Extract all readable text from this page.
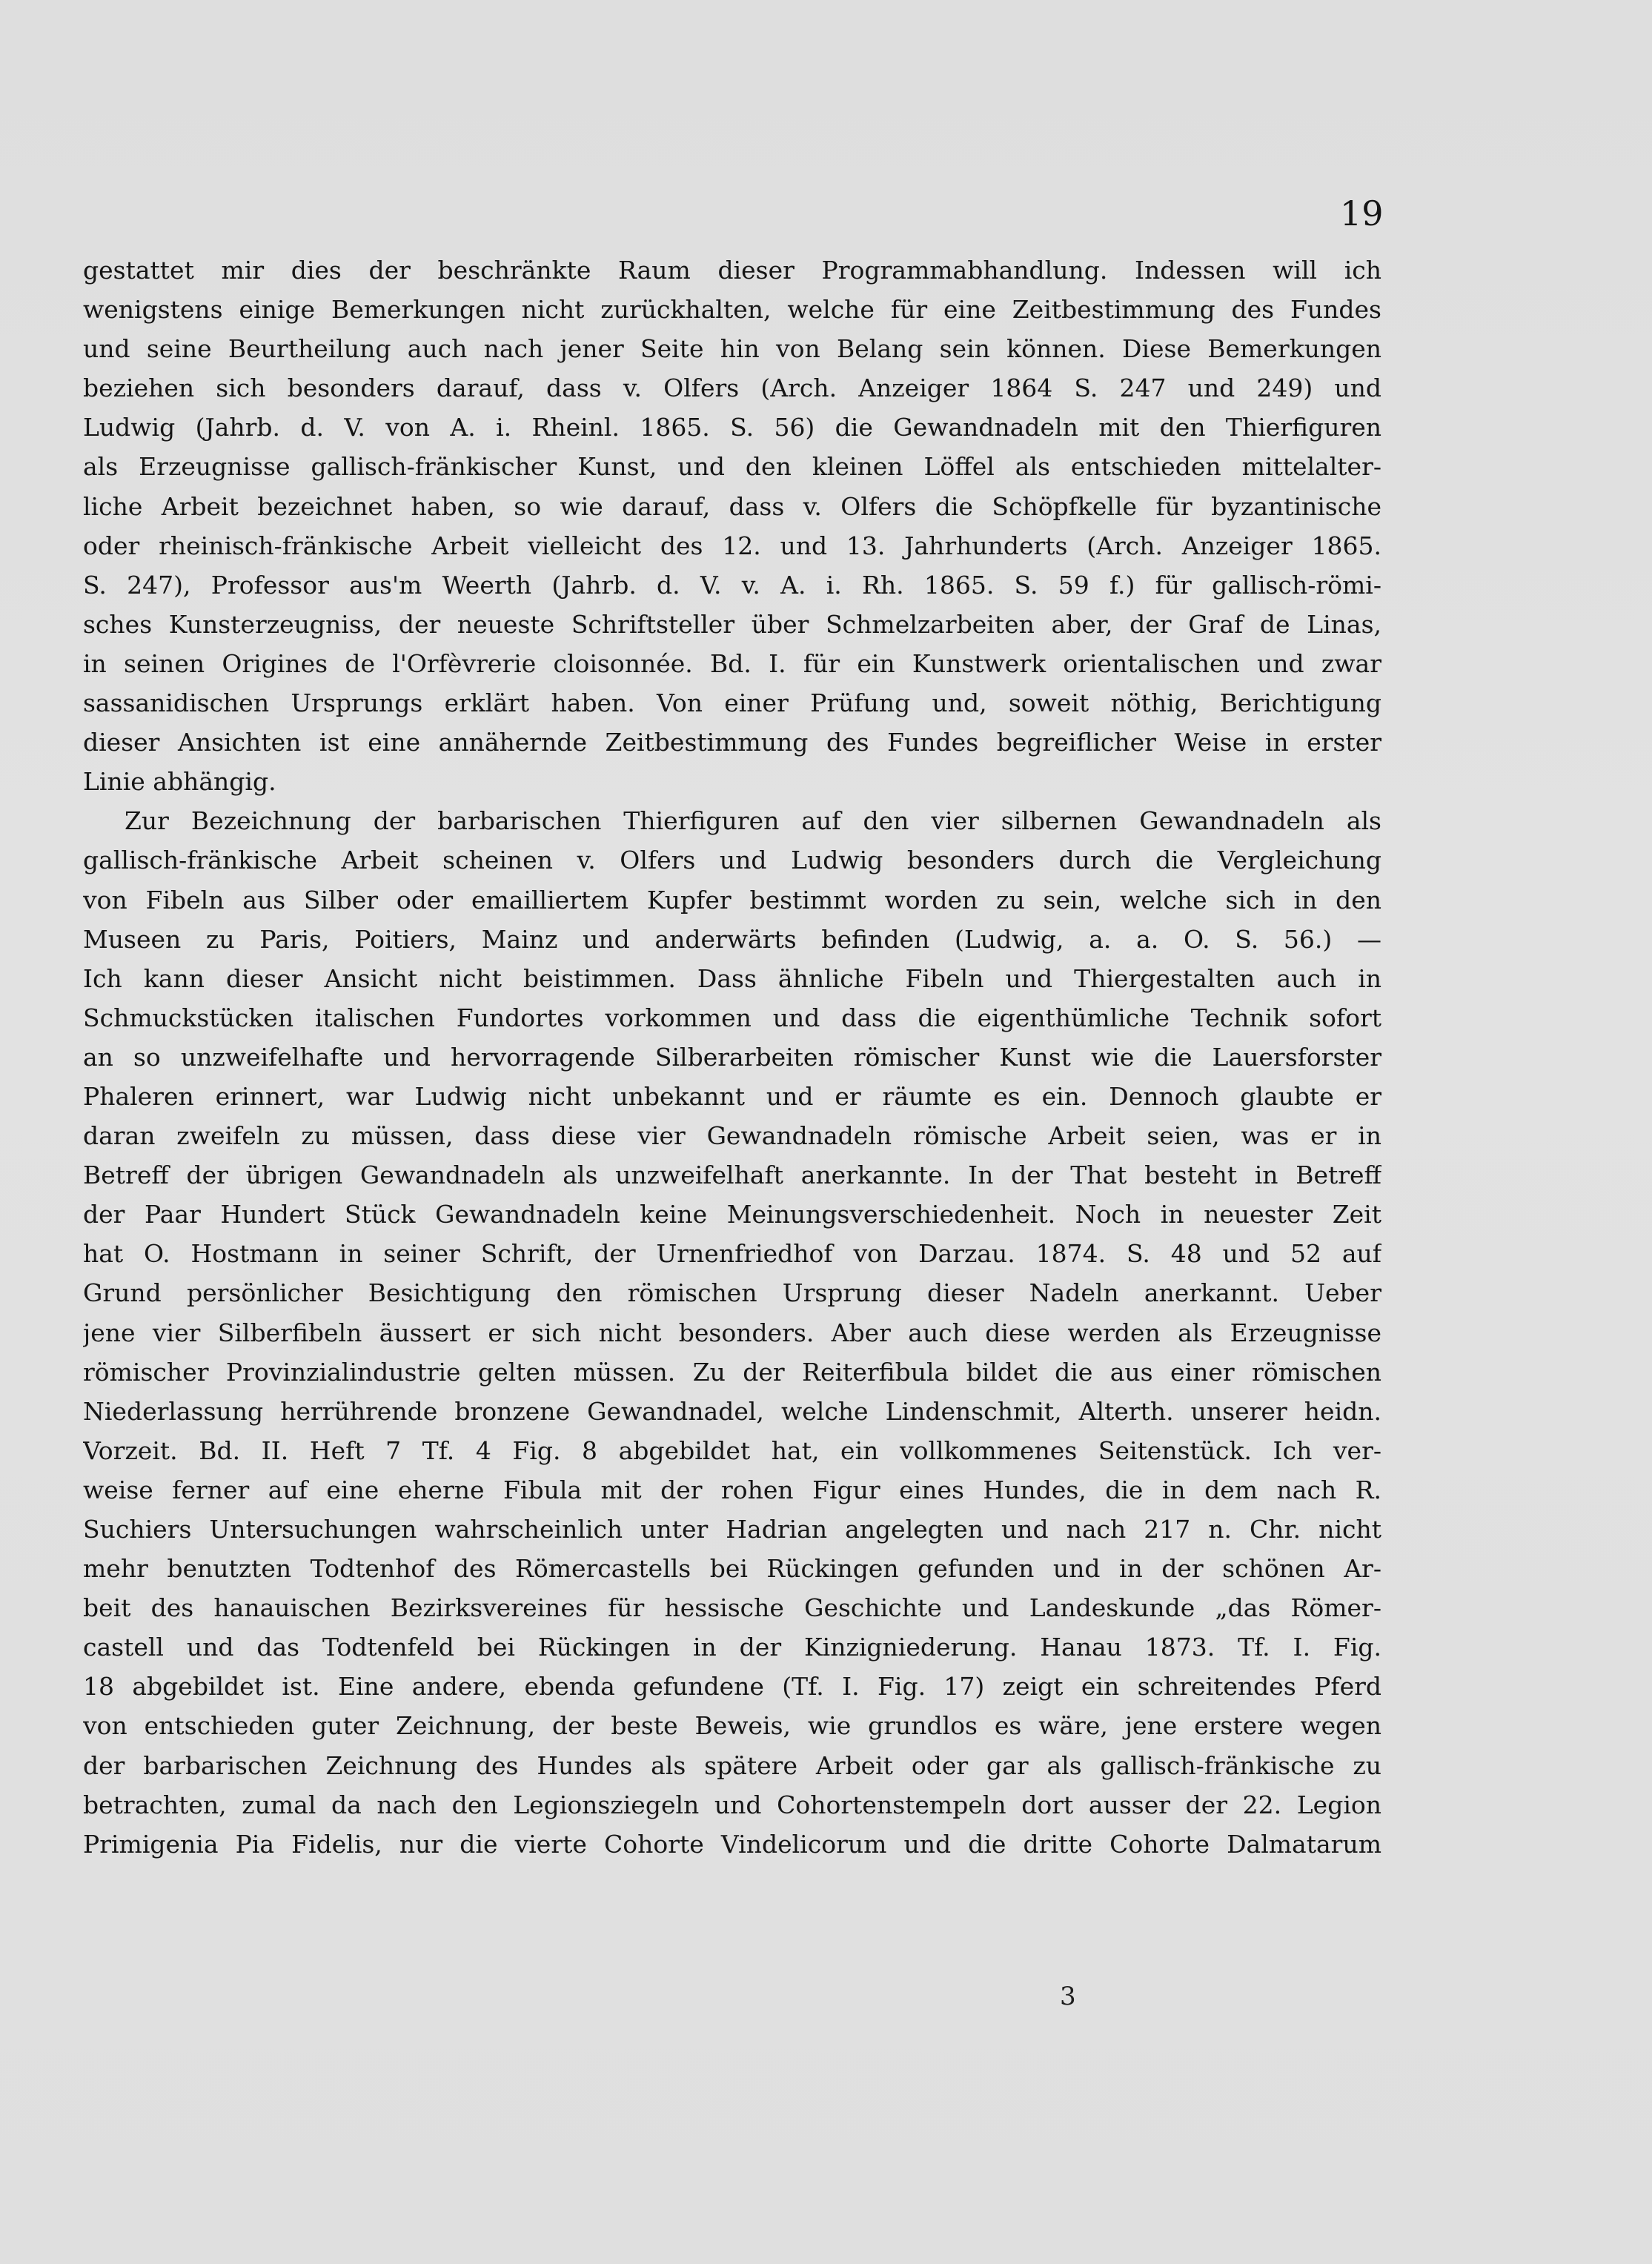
19
gestattet mir dies der beschränkte Raum dieser Programmabhandlung. Indessen will ich
wenigstens einige Bemerkungen nicht zurückhalten, welche für eine Zeitbestimmung des Fundes
und seine Beurtheilung auch nach jener Seite hin von Belang sein können. Diese Bemerkungen
beziehen sich besonders darauf, dass v. Olfers (Arch. Anzeiger 1864 S. 247 und 249) und
Ludwig (Jahrb. d. V. von A. i. Rheinl. 1865. S. 56) die Gewandnadeln mit den Thierfiguren
als Erzeugnisse gallisch-fränkischer Kunst, und den kleinen Löffel als entschieden mittelalter-
liche Arbeit bezeichnet haben, so wie darauf, dass v. Olfers die Schöpfkelle für byzantinische
oder rheinisch-fränkische Arbeit vielleicht des 12. und 13. Jahrhunderts (Arch. Anzeiger 1865.
S. 247), Professor aus'm Weerth (Jahrb. d. V. v. A. i. Rh. 1865. S. 59 f.) für gallisch-römi-
sches Kunsterzeugniss, der neueste Schriftsteller über Schmelzarbeiten aber, der Graf de Linas,
in seinen Origines de l'Orfèvrerie cloisonnée. Bd. I. für ein Kunstwerk orientalischen und zwar
sassanidischen Ursprungs erklärt haben. Von einer Prüfung und, soweit nöthig, Berichtigung
dieser Ansichten ist eine annähernde Zeitbestimmung des Fundes begreiflicher Weise in erster
Linie abhängig.
Zur Bezeichnung der barbarischen Thierfiguren auf den vier silbernen Gewandnadeln als
gallisch-fränkische Arbeit scheinen v. Olfers und Ludwig besonders durch die Vergleichung
von Fibeln aus Silber oder emailliertem Kupfer bestimmt worden zu sein, welche sich in den
Museen zu Paris, Poitiers, Mainz und anderwärts befinden (Ludwig, a. a. O. S. 56.) —
Ich kann dieser Ansicht nicht beistimmen. Dass ähnliche Fibeln und Thiergestalten auch in
Schmuckstücken italischen Fundortes vorkommen und dass die eigenthümliche Technik sofort
an so unzweifelhafte und hervorragende Silberarbeiten römischer Kunst wie die Lauersforster
Phaleren erinnert, war Ludwig nicht unbekannt und er räumte es ein. Dennoch glaubte er
daran zweifeln zu müssen, dass diese vier Gewandnadeln römische Arbeit seien, was er in
Betreff der übrigen Gewandnadeln als unzweifelhaft anerkannte. In der That besteht in Betreff
der Paar Hundert Stück Gewandnadeln keine Meinungsverschiedenheit. Noch in neuester Zeit
hat O. Hostmann in seiner Schrift, der Urnenfriedhof von Darzau. 1874. S. 48 und 52 auf
Grund persönlicher Besichtigung den römischen Ursprung dieser Nadeln anerkannt. Ueber
jene vier Silberfibeln äussert er sich nicht besonders. Aber auch diese werden als Erzeugnisse
römischer Provinzialindustrie gelten müssen. Zu der Reiterfibula bildet die aus einer römischen
Niederlassung herrührende bronzene Gewandnadel, welche Lindenschmit, Alterth. unserer heidn.
Vorzeit. Bd. II. Heft 7 Tf. 4 Fig. 8 abgebildet hat, ein vollkommenes Seitenstück. Ich ver-
weise ferner auf eine eherne Fibula mit der rohen Figur eines Hundes, die in dem nach R.
Suchiers Untersuchungen wahrscheinlich unter Hadrian angelegten und nach 217 n. Chr. nicht
mehr benutzten Todtenhof des Römercastells bei Rückingen gefunden und in der schönen Ar-
beit des hanauischen Bezirksvereines für hessische Geschichte und Landeskunde „das Römer-
castell und das Todtenfeld bei Rückingen in der Kinzigniederung. Hanau 1873. Tf. I. Fig.
18 abgebildet ist. Eine andere, ebenda gefundene (Tf. I. Fig. 17) zeigt ein schreitendes Pferd
von entschieden guter Zeichnung, der beste Beweis, wie grundlos es wäre, jene erstere wegen
der barbarischen Zeichnung des Hundes als spätere Arbeit oder gar als gallisch-fränkische zu
betrachten, zumal da nach den Legionsziegeln und Cohortenstempeln dort ausser der 22. Legion
Primigenia Pia Fidelis, nur die vierte Cohorte Vindelicorum und die dritte Cohorte Dalmatarum
3
